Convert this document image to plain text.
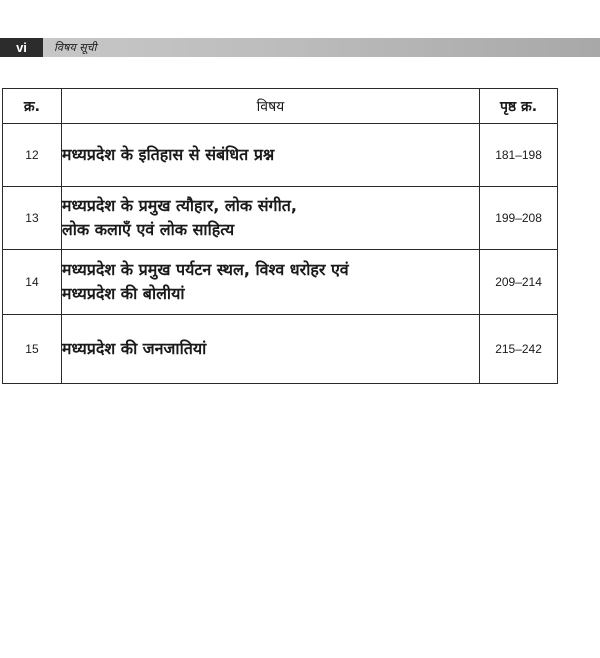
vi	विषय सूची
क्र.	विषय	पृष्ठ क्र.
12	मध्यप्रदेश के इतिहास से संबंधित प्रश्न	181–198
13	मध्यप्रदेश के प्रमुख त्यौहार, लोक संगीत,
लोक कलाएँ एवं लोक साहित्य	199–208
14	मध्यप्रदेश के प्रमुख पर्यटन स्थल, विश्व धरोहर एवं
मध्यप्रदेश की बोलीयां	209–214
15	मध्यप्रदेश की जनजातियां	215–242
